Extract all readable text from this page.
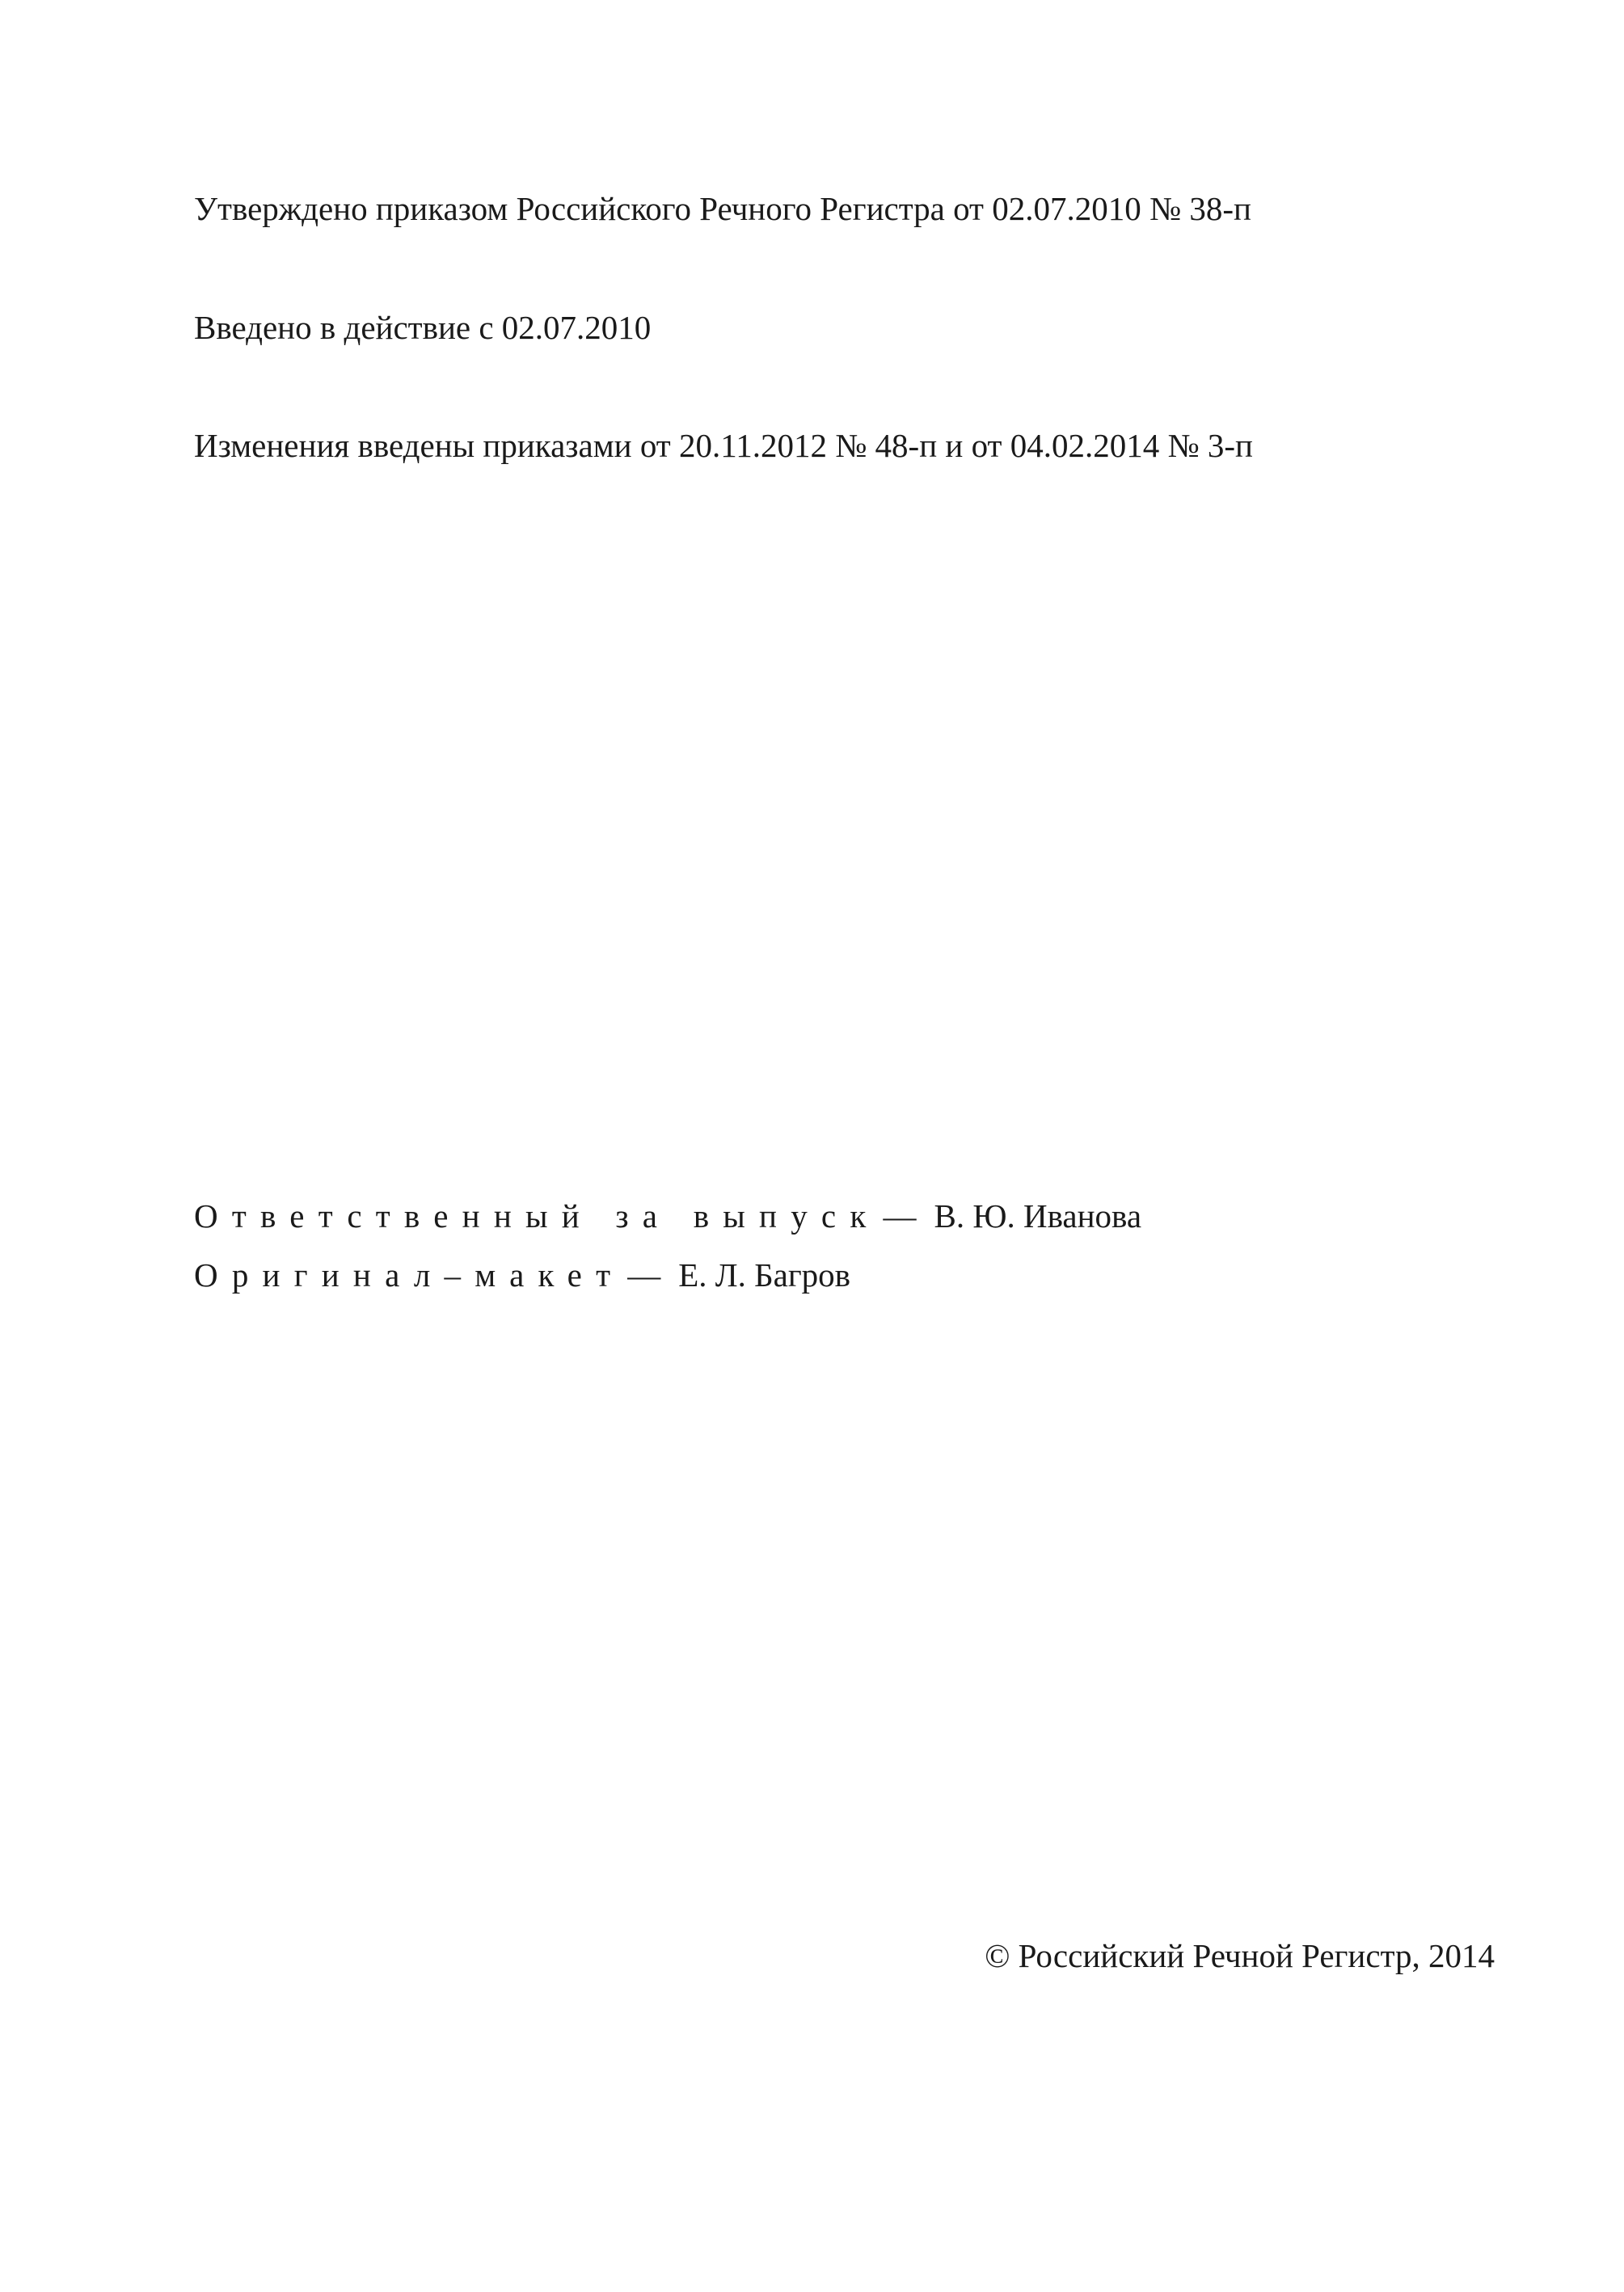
Утверждено приказом Российского Речного Регистра от 02.07.2010 № 38-п
Введено в действие с 02.07.2010
Изменения введены приказами от 20.11.2012 № 48-п и от 04.02.2014 № 3-п
Ответственный за выпуск— В. Ю. Иванова
Оригинал–макет— Е. Л. Багров
© Российский Речной Регистр, 2014
